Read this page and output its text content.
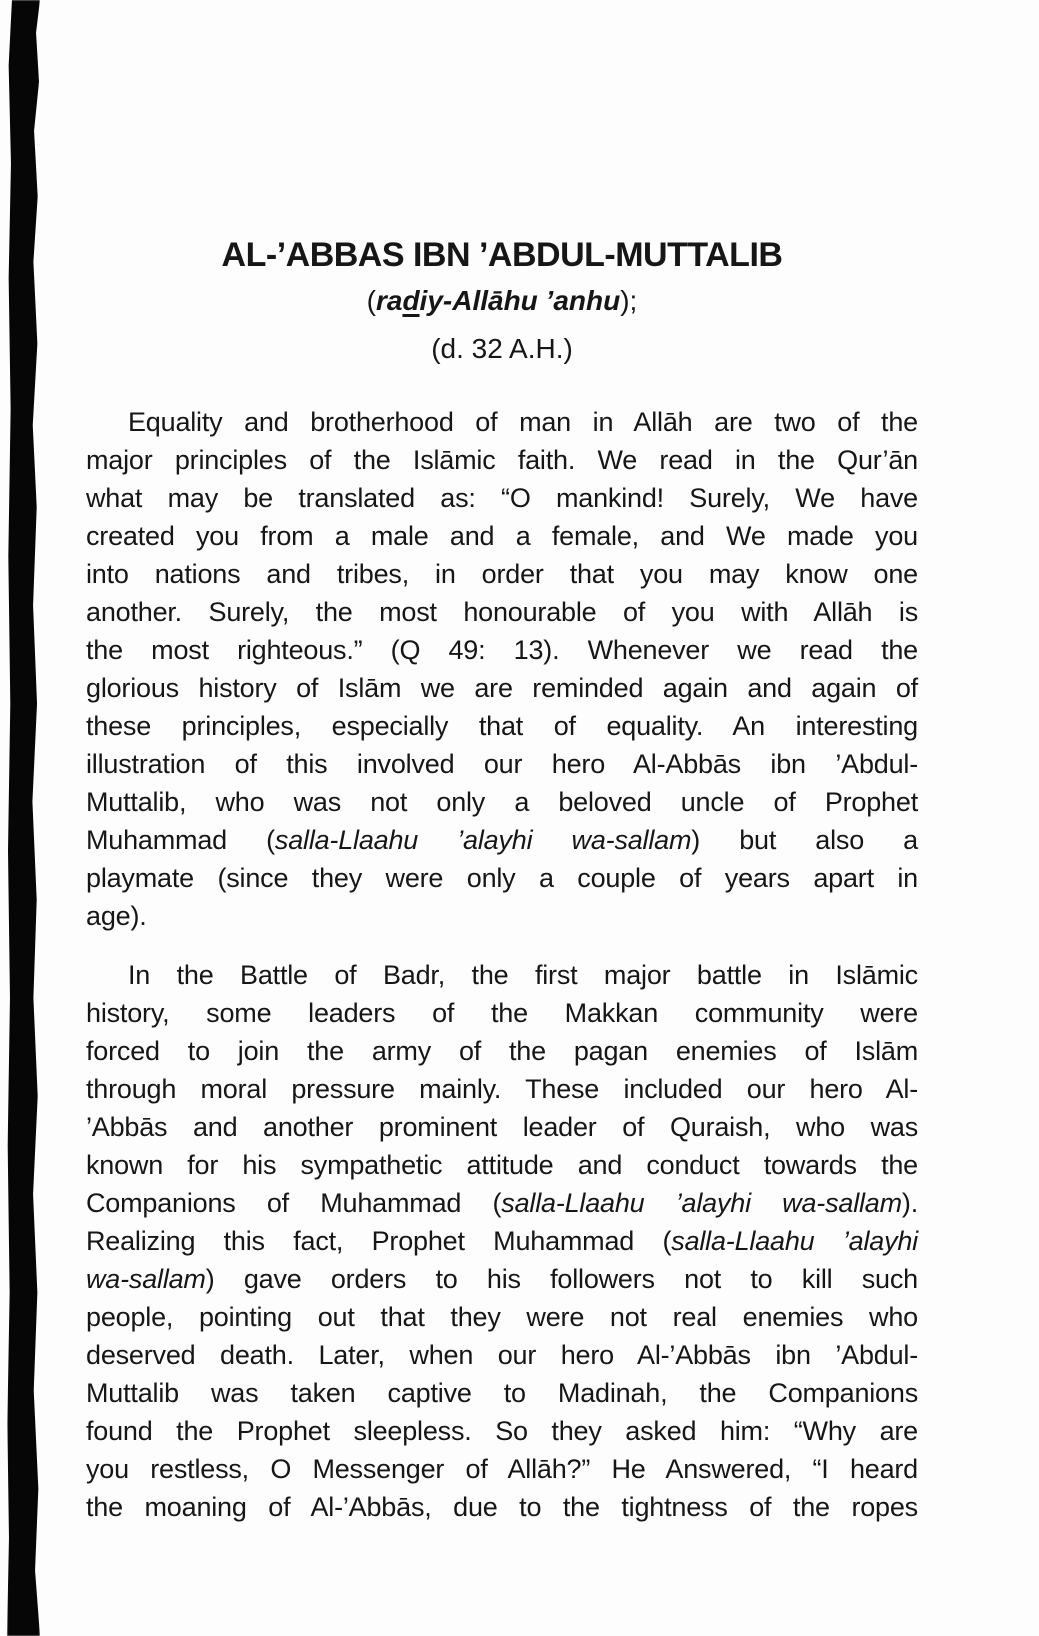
AL-’ABBAS IBN ’ABDUL-MUTTALIB
(radiy-Allāhu ’anhu);
(d. 32 A.H.)
Equality and brotherhood of man in Allāh are two of the
major principles of the Islāmic faith. We read in the Qur’ān
what may be translated as: “O mankind! Surely, We have
created you from a male and a female, and We made you
into nations and tribes, in order that you may know one
another. Surely, the most honourable of you with Allāh is
the most righteous.” (Q 49: 13). Whenever we read the
glorious history of Islām we are reminded again and again of
these principles, especially that of equality. An interesting
illustration of this involved our hero Al-Abbās ibn ’Abdul-
Muttalib, who was not only a beloved uncle of Prophet
Muhammad (salla-Llaahu ’alayhi wa-sallam) but also a
playmate (since they were only a couple of years apart in
age).
In the Battle of Badr, the first major battle in Islāmic
history, some leaders of the Makkan community were
forced to join the army of the pagan enemies of Islām
through moral pressure mainly. These included our hero Al-
’Abbās and another prominent leader of Quraish, who was
known for his sympathetic attitude and conduct towards the
Companions of Muhammad (salla-Llaahu ’alayhi wa-sallam).
Realizing this fact, Prophet Muhammad (salla-Llaahu ’alayhi
wa-sallam) gave orders to his followers not to kill such
people, pointing out that they were not real enemies who
deserved death. Later, when our hero Al-’Abbās ibn ’Abdul-
Muttalib was taken captive to Madinah, the Companions
found the Prophet sleepless. So they asked him: “Why are
you restless, O Messenger of Allāh?” He Answered, “I heard
the moaning of Al-’Abbās, due to the tightness of the ropes
